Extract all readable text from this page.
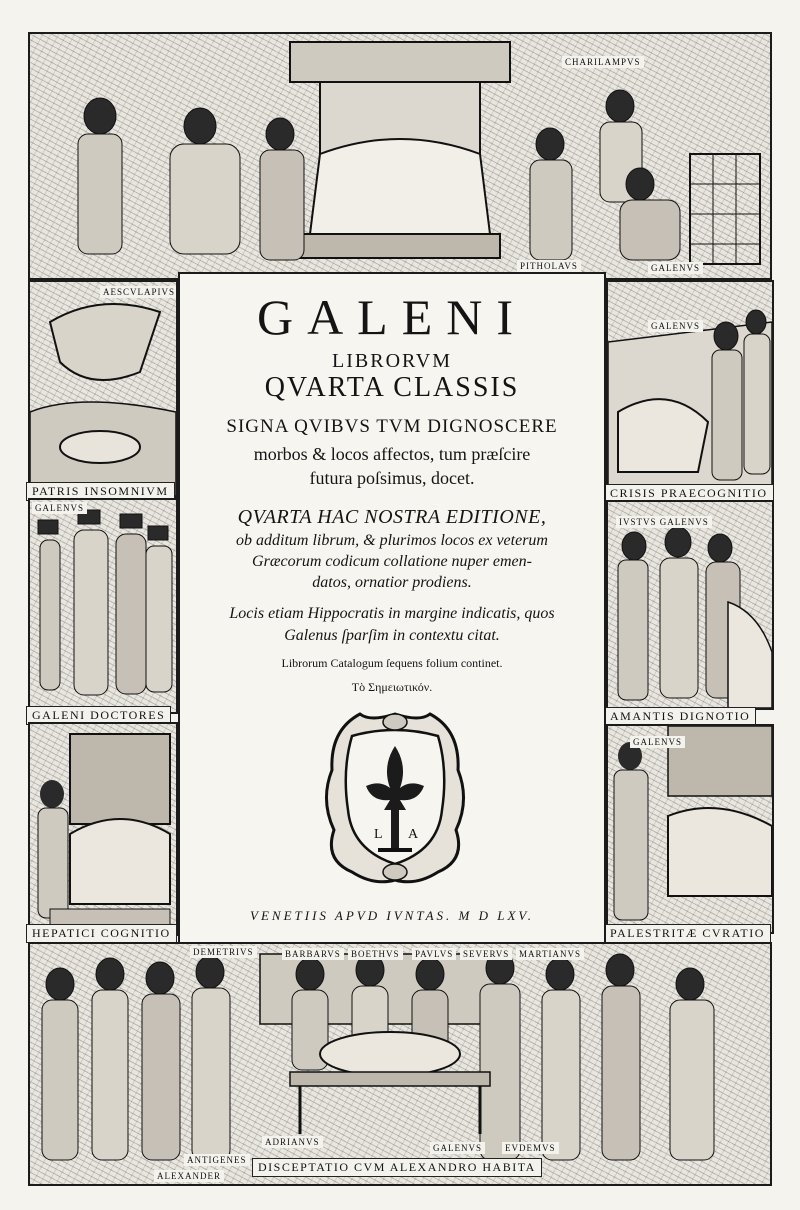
CHARILAMPVS
PITHOLAVS	GALENVS
AESCVLAPIVS
PATRIS INSOMNIVM
GALENVS
GALENI DOCTORES
HEPATICI COGNITIO
GALENVS
CRISIS PRAECOGNITIO
IVSTVS GALENVS
AMANTIS DIGNOTIO
GALENVS
PALESTRITÆ CVRATIO
GALENI
LIBRORVM
QVARTA CLASSIS
SIGNA QVIBVS TVM DIGNOSCERE
morbos & locos affectos, tum præſcire
futura poſsimus, docet.
QVARTA HAC NOSTRA EDITIONE,
ob additum librum, & plurimos locos ex veterum
Græcorum codicum collatione nuper emen-
datos, ornatior prodiens.
Locis etiam Hippocratis in margine indicatis, quos
Galenus ſparſim in contextu citat.
Librorum Catalogum ſequens folium continet.
Τὸ Σημειωτικόν.
L A
VENETIIS APVD IVNTAS. M D LXV.
DEMETRIVS	BARBARVS	BOETHVS	PAVLVS	SEVERVS	MARTIANVS
ADRIANVS
GALENVS	EVDEMVS
ANTIGENES
ALEXANDER
DISCEPTATIO CVM ALEXANDRO HABITA
